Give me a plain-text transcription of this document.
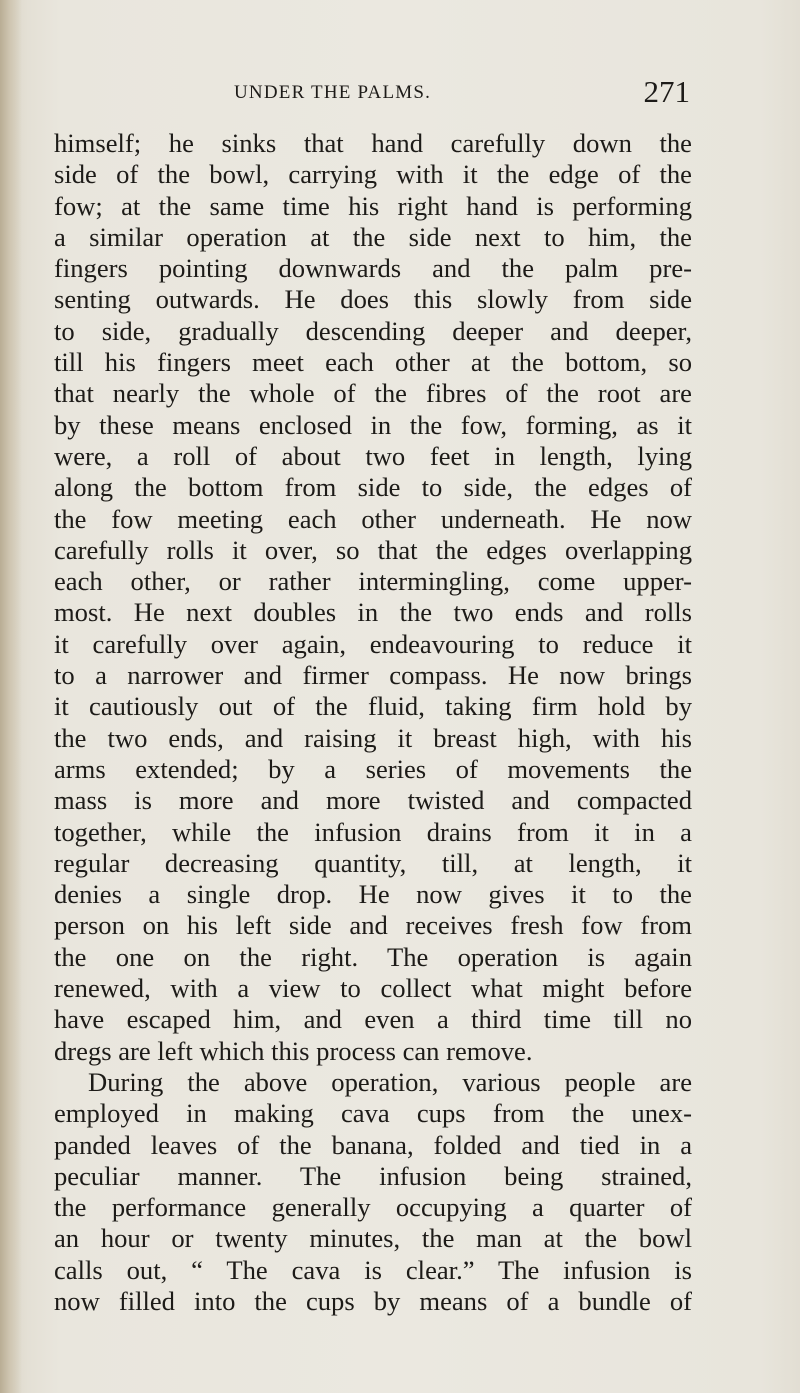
UNDER THE PALMS.	271
himself; he sinks that hand carefully down the
side of the bowl, carrying with it the edge of the
fow; at the same time his right hand is performing
a similar operation at the side next to him, the
fingers pointing downwards and the palm pre-
senting outwards. He does this slowly from side
to side, gradually descending deeper and deeper,
till his fingers meet each other at the bottom, so
that nearly the whole of the fibres of the root are
by these means enclosed in the fow, forming, as it
were, a roll of about two feet in length, lying
along the bottom from side to side, the edges of
the fow meeting each other underneath. He now
carefully rolls it over, so that the edges overlapping
each other, or rather intermingling, come upper-
most. He next doubles in the two ends and rolls
it carefully over again, endeavouring to reduce it
to a narrower and firmer compass. He now brings
it cautiously out of the fluid, taking firm hold by
the two ends, and raising it breast high, with his
arms extended; by a series of movements the
mass is more and more twisted and compacted
together, while the infusion drains from it in a
regular decreasing quantity, till, at length, it
denies a single drop. He now gives it to the
person on his left side and receives fresh fow from
the one on the right. The operation is again
renewed, with a view to collect what might before
have escaped him, and even a third time till no
dregs are left which this process can remove.
During the above operation, various people are
employed in making cava cups from the unex-
panded leaves of the banana, folded and tied in a
peculiar manner. The infusion being strained,
the performance generally occupying a quarter of
an hour or twenty minutes, the man at the bowl
calls out, “ The cava is clear.” The infusion is
now filled into the cups by means of a bundle of
